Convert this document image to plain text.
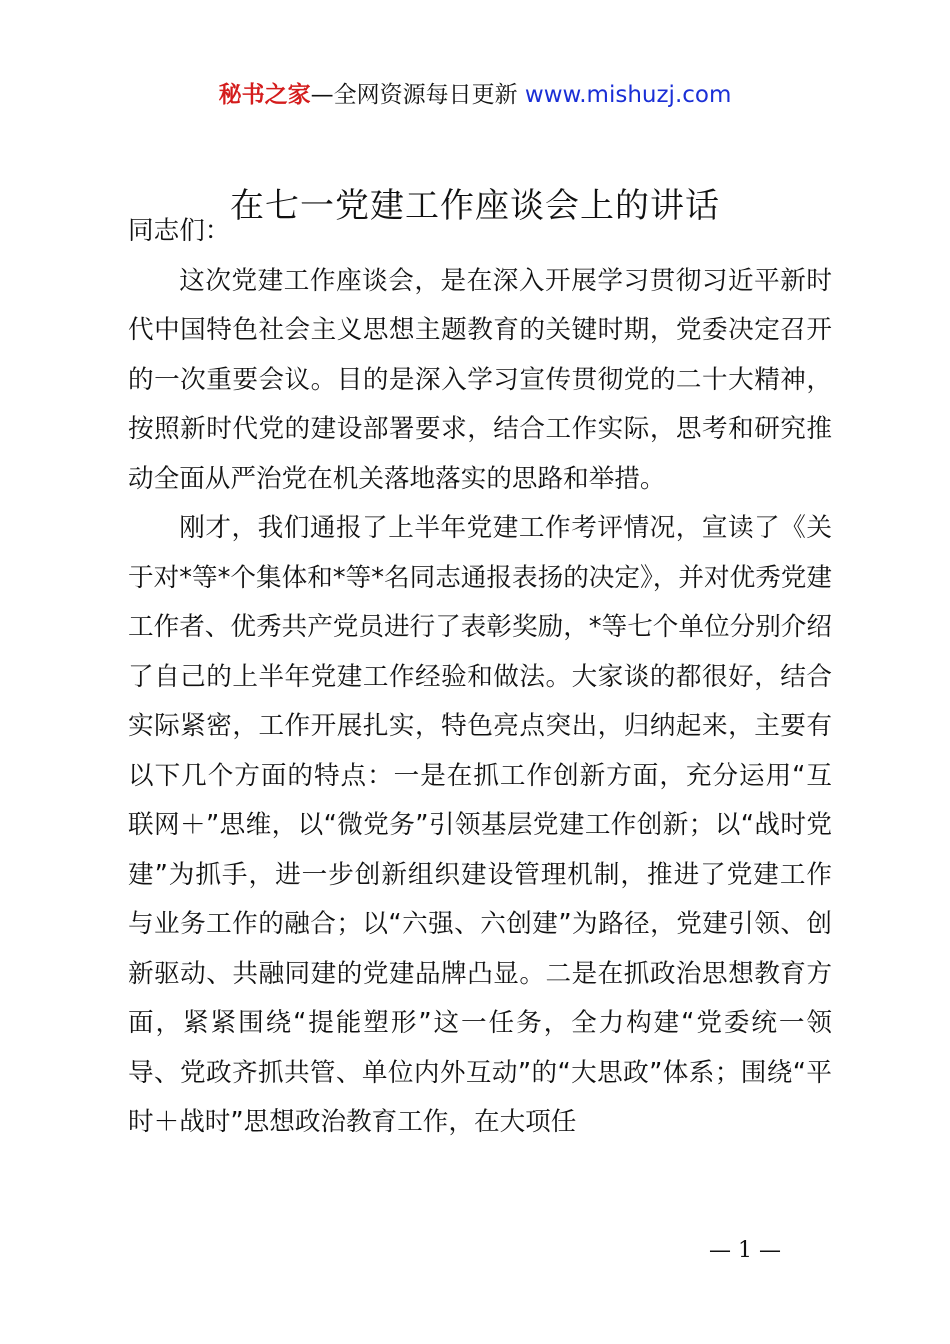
秘书之家—全网资源每日更新 www.mishuzj.com
在七一党建工作座谈会上的讲话

同志们：

这次党建工作座谈会，是在深入开展学习贯彻习近平新时代中国特色社会主义思想主题教育的关键时期，党委决定召开的一次重要会议。目的是深入学习宣传贯彻党的二十大精神，按照新时代党的建设部署要求，结合工作实际，思考和研究推动全面从严治党在机关落地落实的思路和举措。

刚才，我们通报了上半年党建工作考评情况，宣读了《关于对*等*个集体和*等*名同志通报表扬的决定》，并对优秀党建工作者、优秀共产党员进行了表彰奖励，*等七个单位分别介绍了自己的上半年党建工作经验和做法。大家谈的都很好，结合实际紧密，工作开展扎实，特色亮点突出，归纳起来，主要有以下几个方面的特点：一是在抓工作创新方面，充分运用“互联网＋”思维，以“微党务”引领基层党建工作创新；以“战时党建”为抓手，进一步创新组织建设管理机制，推进了党建工作与业务工作的融合；以“六强、六创建”为路径，党建引领、创新驱动、共融同建的党建品牌凸显。二是在抓政治思想教育方面，紧紧围绕“提能塑形”这一任务，全力构建“党委统一领导、党政齐抓共管、单位内外互动”的“大思政”体系；围绕“平时＋战时”思想政治教育工作，在大项任

— 1 —
